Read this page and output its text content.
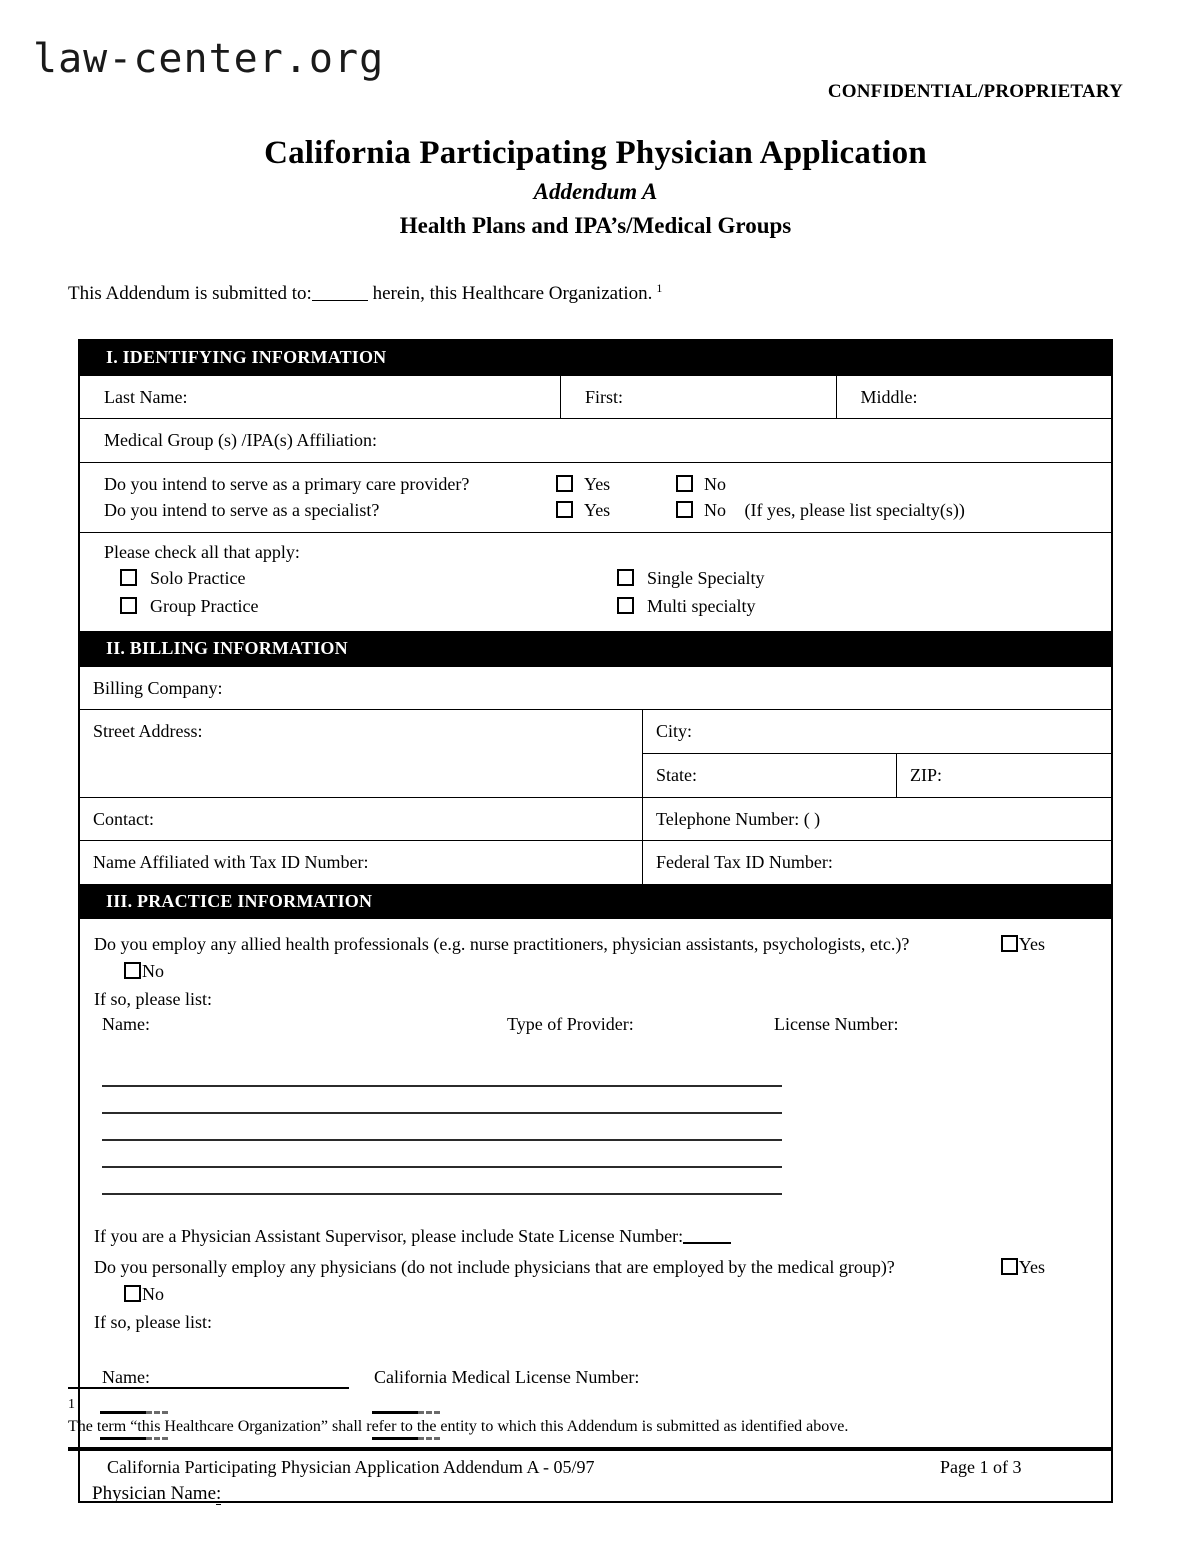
law-center.org
CONFIDENTIAL/PROPRIETARY
California Participating Physician Application
Addendum A
Health Plans and IPA’s/Medical Groups
This Addendum is submitted to:	herein, this Healthcare Organization. $^1$
I. IDENTIFYING INFORMATION
Last Name:	First:	Middle:
Medical Group (s) /IPA(s) Affiliation:
Do you intend to serve as a primary care provider?	Yes	No
Do you intend to serve as a specialist?	Yes	No (If yes, please list specialty(s))
Please check all that apply:
Solo Practice	Single Specialty
Group Practice	Multi specialty
II. BILLING INFORMATION
Billing Company:
Street Address:	City:
State:	ZIP:
Contact:	Telephone Number: ( )
Name Affiliated with Tax ID Number:	Federal Tax ID Number:
III. PRACTICE INFORMATION
Do you employ any allied health professionals (e.g. nurse practitioners, physician assistants, psychologists, etc.)?	Yes
No
If so, please list:
Name:	Type of Provider:	License Number:
If you are a Physician Assistant Supervisor, please include State License Number:
Do you personally employ any physicians (do not include physicians that are employed by the medical group)?	Yes
No
If so, please list:
Name:	California Medical License Number:
1
The term “this Healthcare Organization” shall refer to the entity to which this Addendum is submitted as identified above.
California Participating Physician Application Addendum A - 05/97	Page 1 of 3
Physician Name:
